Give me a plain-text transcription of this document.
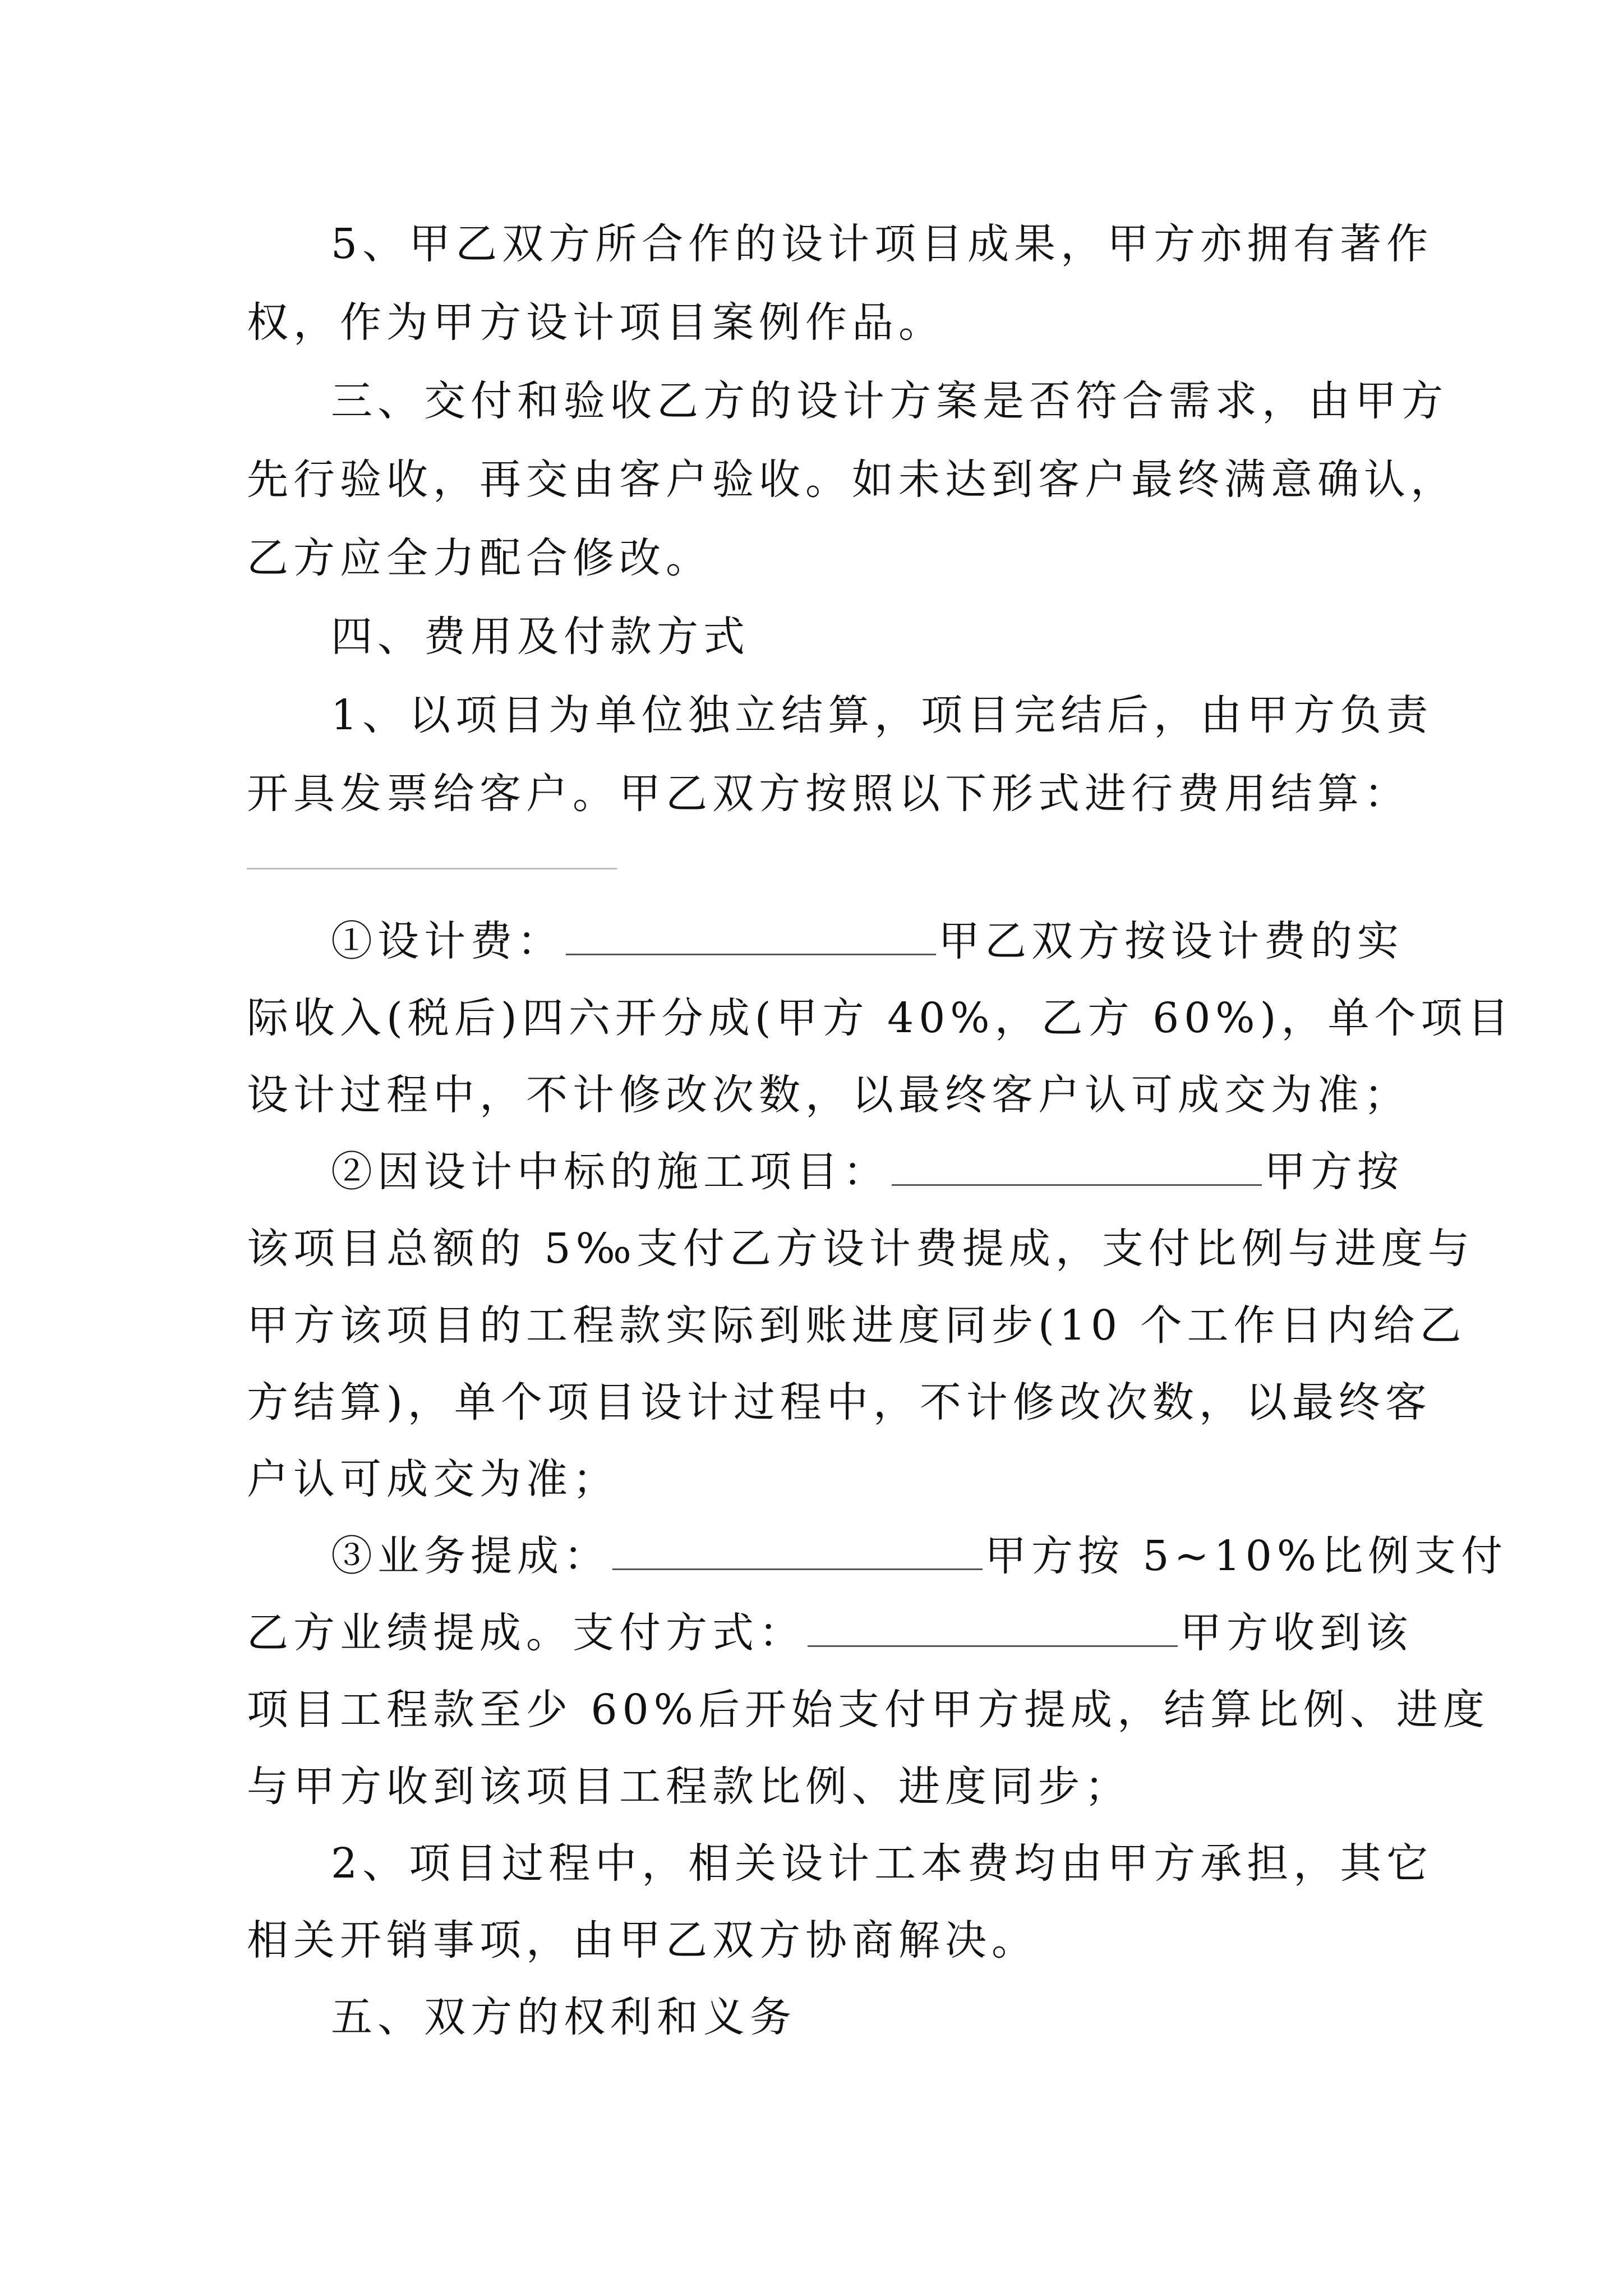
5、甲乙双方所合作的设计项目成果，甲方亦拥有著作
权，作为甲方设计项目案例作品。
三、交付和验收乙方的设计方案是否符合需求，由甲方
先行验收，再交由客户验收。如未达到客户最终满意确认，
乙方应全力配合修改。
四、费用及付款方式
1、以项目为单位独立结算，项目完结后，由甲方负责
开具发票给客户。甲乙双方按照以下形式进行费用结算：
①设计费：	甲乙双方按设计费的实
际收入(税后)四六开分成(甲方 40%，乙方 60%)，单个项目
设计过程中，不计修改次数，以最终客户认可成交为准；
②因设计中标的施工项目：	甲方按
该项目总额的 5‰支付乙方设计费提成，支付比例与进度与
甲方该项目的工程款实际到账进度同步(10 个工作日内给乙
方结算)，单个项目设计过程中，不计修改次数，以最终客
户认可成交为准；
③业务提成：	甲方按 5~10%比例支付
乙方业绩提成。支付方式：	甲方收到该
项目工程款至少 60%后开始支付甲方提成，结算比例、进度
与甲方收到该项目工程款比例、进度同步；
2、项目过程中，相关设计工本费均由甲方承担，其它
相关开销事项，由甲乙双方协商解决。
五、双方的权利和义务
